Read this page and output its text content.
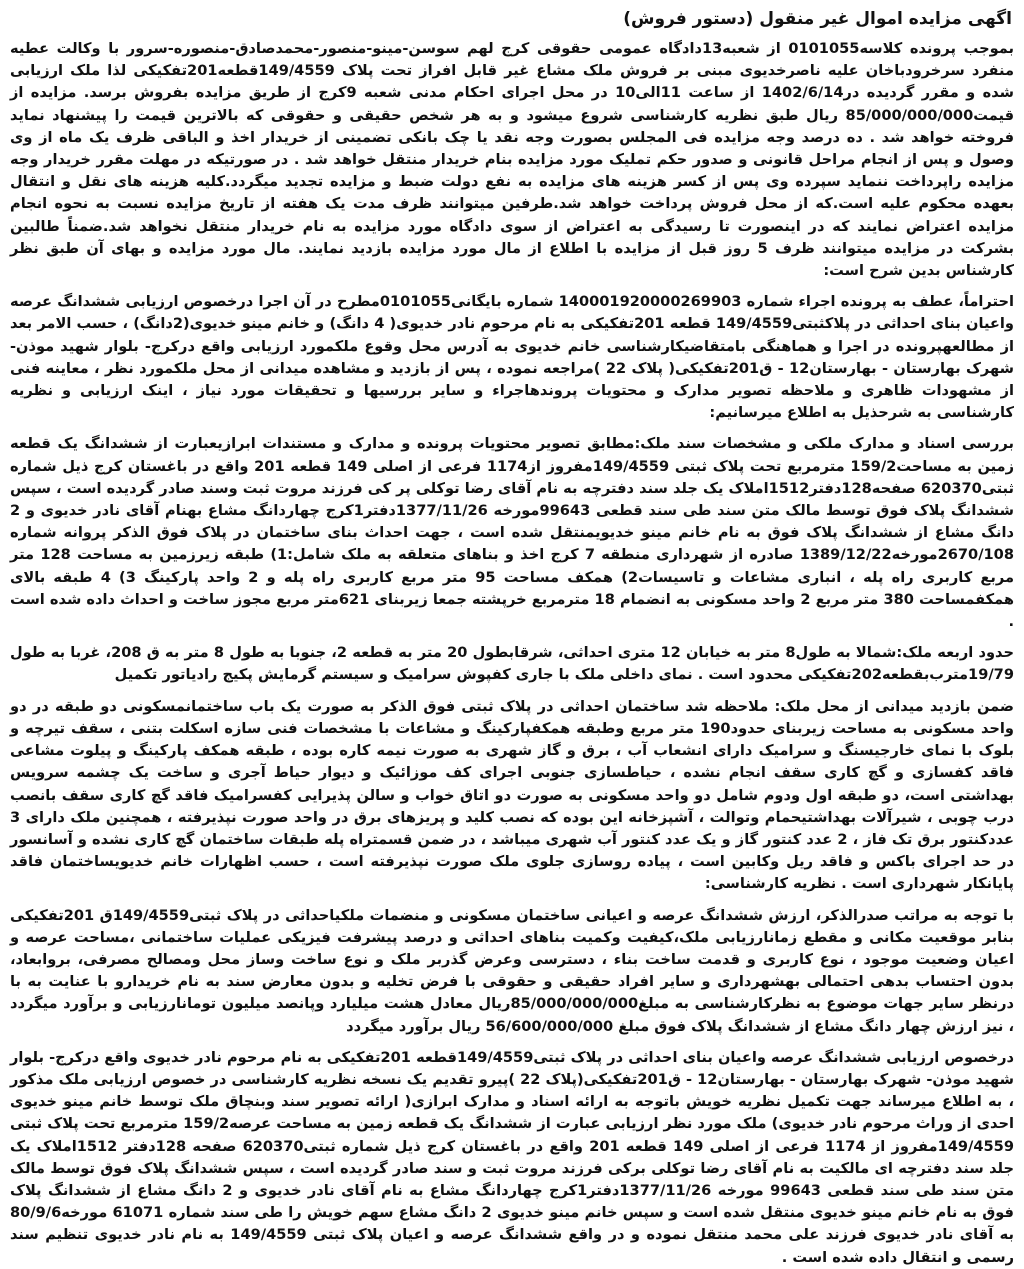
اگهی مزایده اموال غیر منقول (دستور فروش)

بموجب پرونده کلاسه0101055 از شعبه13دادگاه عمومی حقوقی کرج لهم سوسن-مینو-منصور-محمدصادق-منصوره-سرور با وکالت عطیه منفرد سرخرودباخان علیه ناصرخدیوی مبنی بر فروش ملک مشاع غیر قابل افراز تحت پلاک 149/4559قطعه201تفکیکی لذا ملک ارزیابی شده و مقرر گردیده در1402/6/14 از ساعت 11الی10 در محل اجرای احکام مدنی شعبه 9کرج از طریق مزایده بفروش برسد. مزایده از قیمت85/000/000/000 ریال طبق نظریه کارشناسی شروع میشود و به هر شخص حقیقی و حقوقی که بالاترین قیمت را پیشنهاد نماید فروخته خواهد شد . ده درصد وجه مزایده فی المجلس بصورت وجه نقد یا چک بانکی تضمینی از خریدار اخذ و الباقی ظرف یک ماه از وی وصول و پس از انجام مراحل قانونی و صدور حکم تملیک مورد مزایده بنام خریدار منتقل خواهد شد . در صورتیکه در مهلت مقرر خریدار وجه مزایده راپرداخت ننماید سپرده وی پس از کسر هزینه های مزایده به نفع دولت ضبط و مزایده تجدید میگردد.کلیه هزینه های نقل و انتقال بعهده محکوم علیه است.که از محل فروش پرداخت خواهد شد.طرفین میتوانند ظرف مدت یک هفته از تاریخ مزایده نسبت به نحوه انجام مزایده اعتراض نمایند که در اینصورت تا رسیدگی به اعتراض از سوی دادگاه مورد مزایده به نام خریدار منتقل نخواهد شد.ضمناً طالبین بشرکت در مزایده میتوانند ظرف 5 روز قبل از مزایده با اطلاع از مال مورد مزایده بازدید نمایند. مال مورد مزایده و بهای آن طبق نظر کارشناس بدین شرح است:

احتراماً، عطف به پرونده اجراء شماره 140001920000269903 شماره بایگانی0101055مطرح در آن اجرا درخصوص ارزیابی ششدانگ عرصه واعیان بنای احداثی در پلاکثبتی149/4559 قطعه 201تفکیکی به نام مرحوم نادر خدیوی( 4 دانگ) و خانم مینو خدیوی(2دانگ) ، حسب الامر بعد از مطالعهپرونده در اجرا و هماهنگی بامتقاضیکارشناسی خانم خدیوی به آدرس محل وقوع ملکمورد ارزیابی واقع درکرج- بلوار شهید موذن- شهرک بهارستان - بهارستان12 - ق201تفکیکی( پلاک 22 )مراجعه نموده ، پس از بازدید و مشاهده میدانی از محل ملکمورد نظر ، معاینه فنی از مشهودات ظاهری و ملاحظه تصویر مدارک و محتویات پروندهاجراء و سایر بررسیها و تحقیقات مورد نیاز ، اینک ارزیابی و نظریه کارشناسی به شرحذیل به اطلاع میرسانیم:

بررسی اسناد و مدارک ملکی و مشخصات سند ملک:مطابق تصویر محتویات پرونده و مدارک و مستندات ابرازیعبارت از ششدانگ یک قطعه زمین به مساحت159/2 مترمربع تحت پلاک ثبتی 149/4559مفروز از1174 فرعی از اصلی 149 قطعه 201 واقع در باغستان کرج ذیل شماره ثبتی620370 صفحه128دفتر1512املاک یک جلد سند دفترچه به نام آقای رضا توکلی پر کی فرزند مروت ثبت وسند صادر گردیده است ، سپس ششدانگ پلاک فوق توسط مالک متن سند طی سند قطعی 99643مورخه 1377/11/26دفتر1کرج چهاردانگ مشاع بهنام آقای نادر خدیوی و 2 دانگ مشاع از ششدانگ پلاک فوق به نام خانم مینو خدیویمنتقل شده است ، جهت احداث بنای ساختمان در پلاک فوق الذکر پروانه شماره 2670/108مورخه1389/12/22 صادره از شهرداری منطقه 7 کرج اخذ و بناهای متعلقه به ملک شامل:1) طبقه زیرزمین به مساحت 128 متر مربع کاربری راه پله ، انباری مشاعات و تاسیسات2) همکف مساحت 95 متر مربع کاربری راه پله و 2 واحد پارکینگ 3) 4 طبقه بالای همکفمساحت 380 متر مربع 2 واحد مسکونی به انضمام 18 مترمربع خرپشته جمعا زیربنای 621متر مربع مجوز ساخت و احداث داده شده است .

حدود اربعه ملک:شمالا به طول8 متر به خیابان 12 متری احداثی، شرقابطول 20 متر به قطعه 2، جنوبا به طول 8 متر به ق 208، غربا به طول 19/79مترب‌بقطعه202تفکیکی محدود است . نمای داخلی ملک با جاری کفپوش سرامیک و سیستم گرمایش پکیج رادیاتور تکمیل

ضمن بازدید میدانی از محل ملک: ملاحظه شد ساختمان احداثی در پلاک ثبتی فوق الذکر به صورت یک باب ساختمانمسکونی دو طبقه در دو واحد مسکونی به مساحت زیربنای حدود190 متر مربع وطبقه همکفپارکینگ و مشاعات با مشخصات فنی سازه اسکلت بتنی ، سقف تیرچه و بلوک با نمای خارجیسنگ و سرامیک دارای انشعاب آب ، برق و گاز شهری به صورت نیمه کاره بوده ، طبقه همکف پارکینگ و پیلوت مشاعی فاقد کفسازی و گچ کاری سقف انجام نشده ، حیاطسازی جنوبی اجرای کف موزائیک و دیوار حیاط آجری و ساخت یک چشمه سرویس بهداشتی است، دو طبقه اول ودوم شامل دو واحد مسکونی به صورت دو اتاق خواب و سالن پذیرایی کفسرامیک فاقد گچ کاری سقف بانصب درب چوبی ، شیرآلات بهداشتیحمام وتوالت ، آشپزخانه این بوده که نصب کلید و پریزهای برق در واحد صورت نپذیرفته ، همچنین ملک دارای 3 عددکنتور برق تک فاز ، 2 عدد کنتور گاز و یک عدد کنتور آب شهری میباشد ، در ضمن قسمتراه پله طبقات ساختمان گچ کاری نشده و آسانسور در حد اجرای باکس و فاقد ریل وکابین است ، پیاده روسازی جلوی ملک صورت نپذیرفته است ، حسب اظهارات خانم خدیویساختمان فاقد پایانکار شهرداری است . نظریه کارشناسی:

با توجه به مراتب صدرالذکر، ارزش ششدانگ عرصه و اعیانی ساختمان مسکونی و منضمات ملکیاحداثی در پلاک ثبتی149/4559ق 201تفکیکی بنابر موقعیت مکانی و مقطع زمانارزیابی ملک،کیفیت وکمیت بناهای احداثی و درصد پیشرفت فیزیکی عملیات ساختمانی ،مساحت عرصه و اعیان وضعیت موجود ، نوع کاربری و قدمت ساخت بناء ، دسترسی وعرض گذربر ملک و نوع ساخت وساز محل ومصالح مصرفی، بروابعاد، بدون احتساب بدهی احتمالی بهشهرداری و سایر افراد حقیقی و حقوقی با فرض تخلیه و بدون معارض سند به نام خریدارو با عنایت به با درنظر سایر جهات موضوع به نظرکارشناسی به مبلغ85/000/000/000ریال معادل هشت میلیارد وپانصد میلیون تومانارزیابی و برآورد میگردد ، نیز ارزش چهار دانگ مشاع از ششدانگ پلاک فوق مبلغ 56/600/000/000 ریال برآورد میگردد

درخصوص ارزیابی ششدانگ عرصه واعیان بنای احداثی در پلاک ثبتی149/4559قطعه 201تفکیکی به نام مرحوم نادر خدیوی واقع درکرج- بلوار شهید موذن- شهرک بهارستان - بهارستان12 - ق201تفکیکی(پلاک 22 )پیرو تقدیم یک نسخه نظریه کارشناسی در خصوص ارزیابی ملک مذکور ، به اطلاع میرساند جهت تکمیل نظریه خویش باتوجه به ارائه اسناد و مدارک ابرازی( ارائه تصویر سند وبنچاق ملک توسط خانم مینو خدیوی احدی از وراث مرحوم نادر خدیوی) ملک مورد نظر ارزیابی عبارت از ششدانگ یک قطعه زمین به مساحت عرصه159/2 مترمربع تحت پلاک ثبتی 149/4559مفروز از 1174 فرعی از اصلی 149 قطعه 201 واقع در باغستان کرج ذیل شماره ثبتی620370 صفحه 128دفتر 1512املاک یک جلد سند دفترچه ای مالکیت به نام آقای رضا توکلی برکی فرزند مروت ثبت و سند صادر گردیده است ، سپس ششدانگ پلاک فوق توسط مالک متن سند طی سند قطعی 99643 مورخه 1377/11/26دفتر1کرج چهاردانگ مشاع به نام آقای نادر خدیوی و 2 دانگ مشاع از ششدانگ پلاک فوق به نام خانم مینو خدیوی منتقل شده است و سپس خانم مینو خدیوی 2 دانگ مشاع سهم خویش را طی سند شماره 61071 مورخه80/9/6 به آقای نادر خدیوی فرزند علی محمد منتقل نموده و در واقع ششدانگ عرصه و اعیان پلاک ثبتی 149/4559 به نام نادر خدیوی تنظیم سند رسمی و انتقال داده شده است .
